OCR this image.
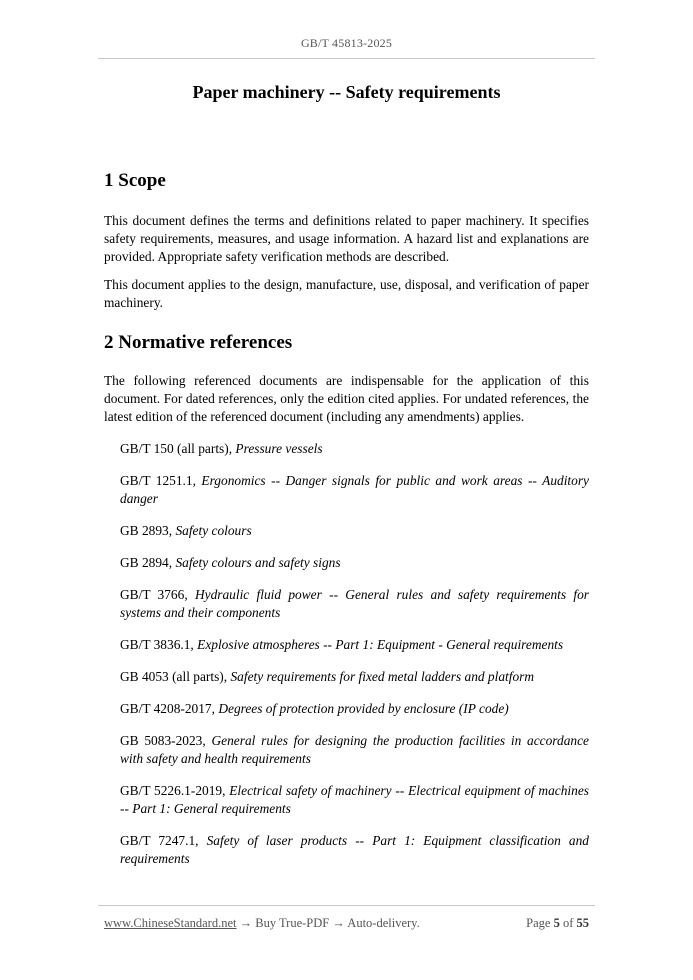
GB/T 45813-2025
Paper machinery -- Safety requirements
1 Scope

This document defines the terms and definitions related to paper machinery. It specifies safety requirements, measures, and usage information. A hazard list and explanations are provided. Appropriate safety verification methods are described.

This document applies to the design, manufacture, use, disposal, and verification of paper machinery.

2 Normative references

The following referenced documents are indispensable for the application of this document. For dated references, only the edition cited applies. For undated references, the latest edition of the referenced document (including any amendments) applies.

GB/T 150 (all parts), Pressure vessels
GB/T 1251.1, Ergonomics -- Danger signals for public and work areas -- Auditory danger
GB 2893, Safety colours
GB 2894, Safety colours and safety signs
GB/T 3766, Hydraulic fluid power -- General rules and safety requirements for systems and their components
GB/T 3836.1, Explosive atmospheres -- Part 1: Equipment - General requirements
GB 4053 (all parts), Safety requirements for fixed metal ladders and platform
GB/T 4208-2017, Degrees of protection provided by enclosure (IP code)
GB 5083-2023, General rules for designing the production facilities in accordance with safety and health requirements
GB/T 5226.1-2019, Electrical safety of machinery -- Electrical equipment of machines -- Part 1: General requirements
GB/T 7247.1, Safety of laser products -- Part 1: Equipment classification and requirements
www.ChineseStandard.net → Buy True-PDF → Auto-delivery.	Page 5 of 55
